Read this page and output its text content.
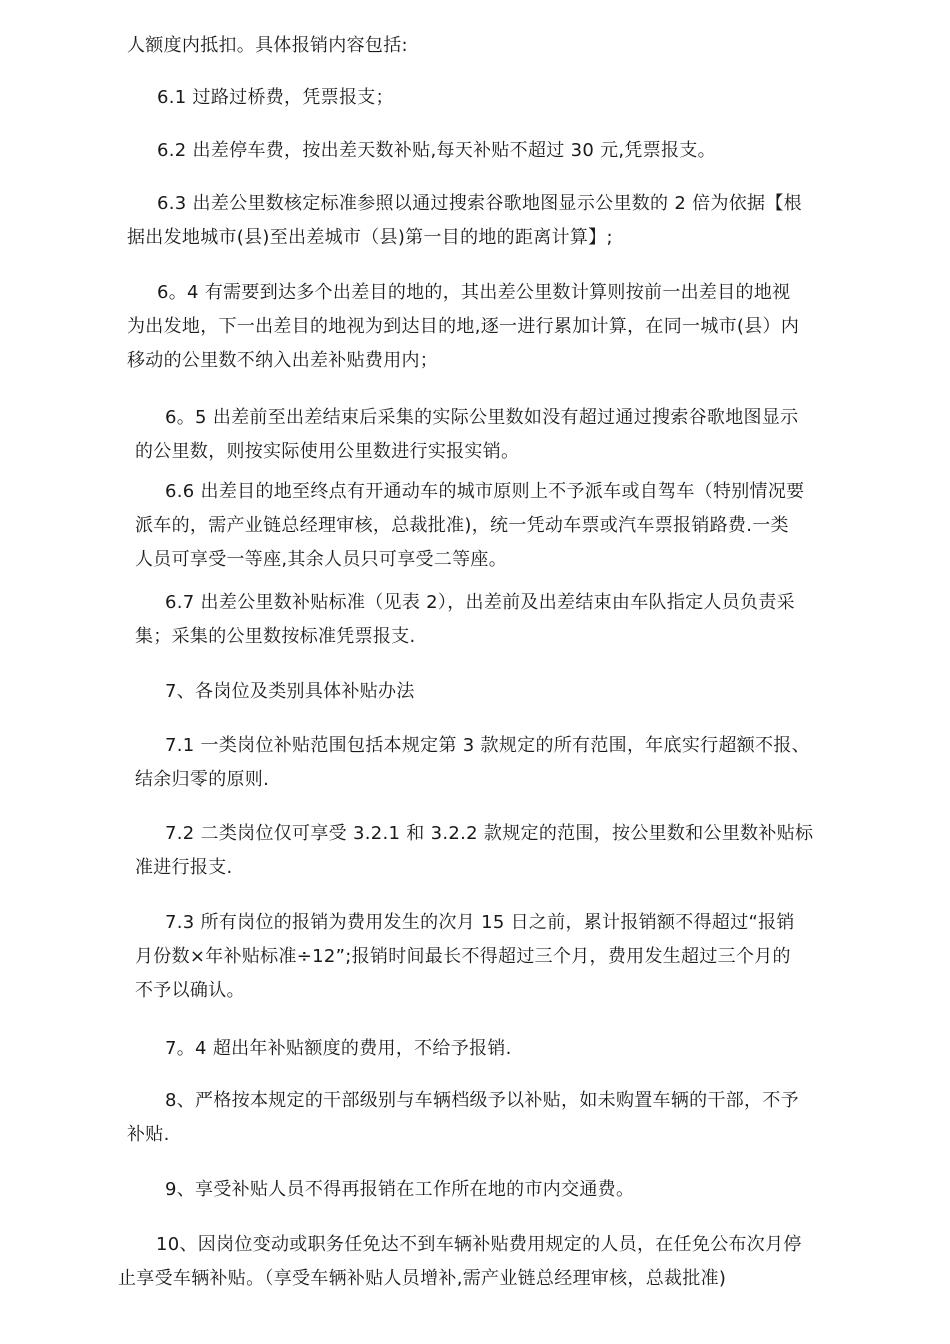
人额度内抵扣。具体报销内容包括:
6.1 过路过桥费，凭票报支；
6.2 出差停车费，按出差天数补贴,每天补贴不超过 30 元,凭票报支。
6.3 出差公里数核定标准参照以通过搜索谷歌地图显示公里数的 2 倍为依据【根
据出发地城市(县)至出差城市（县)第一目的地的距离计算】;
6。4 有需要到达多个出差目的地的，其出差公里数计算则按前一出差目的地视
为出发地，下一出差目的地视为到达目的地,逐一进行累加计算，在同一城市(县）内
移动的公里数不纳入出差补贴费用内；
6。5 出差前至出差结束后采集的实际公里数如没有超过通过搜索谷歌地图显示
的公里数，则按实际使用公里数进行实报实销。
6.6 出差目的地至终点有开通动车的城市原则上不予派车或自驾车（特别情况要
派车的，需产业链总经理审核，总裁批准)，统一凭动车票或汽车票报销路费.一类
人员可享受一等座,其余人员只可享受二等座。
6.7 出差公里数补贴标准（见表 2），出差前及出差结束由车队指定人员负责采
集；采集的公里数按标准凭票报支.
7、各岗位及类别具体补贴办法
7.1 一类岗位补贴范围包括本规定第 3 款规定的所有范围，年底实行超额不报、
结余归零的原则.
7.2 二类岗位仅可享受 3.2.1 和 3.2.2 款规定的范围，按公里数和公里数补贴标
准进行报支.
7.3 所有岗位的报销为费用发生的次月 15 日之前，累计报销额不得超过“报销
月份数×年补贴标准÷12”;报销时间最长不得超过三个月，费用发生超过三个月的
不予以确认。
7。4 超出年补贴额度的费用，不给予报销.
8、严格按本规定的干部级别与车辆档级予以补贴，如未购置车辆的干部，不予
补贴.
9、享受补贴人员不得再报销在工作所在地的市内交通费。
10、因岗位变动或职务任免达不到车辆补贴费用规定的人员，在任免公布次月停
止享受车辆补贴。（享受车辆补贴人员增补,需产业链总经理审核，总裁批准)
